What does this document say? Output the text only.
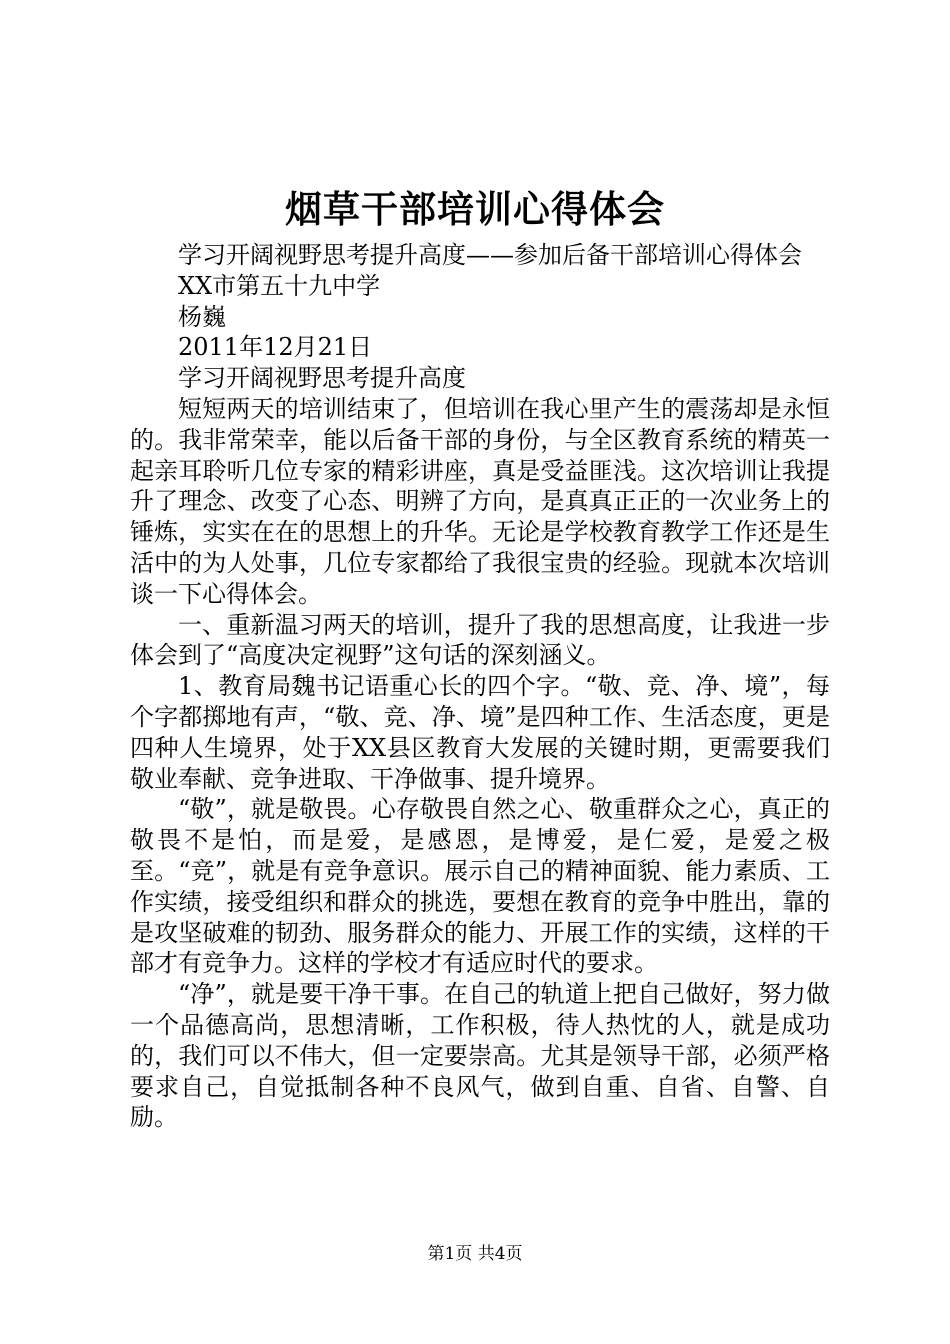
烟草干部培训心得体会

学习开阔视野思考提升高度——参加后备干部培训心得体会

XX市第五十九中学

杨巍

2011年12月21日

学习开阔视野思考提升高度

短短两天的培训结束了，但培训在我心里产生的震荡却是永恒的。我非常荣幸，能以后备干部的身份，与全区教育系统的精英一起亲耳聆听几位专家的精彩讲座，真是受益匪浅。这次培训让我提升了理念、改变了心态、明辨了方向，是真真正正的一次业务上的锤炼，实实在在的思想上的升华。无论是学校教育教学工作还是生活中的为人处事，几位专家都给了我很宝贵的经验。现就本次培训谈一下心得体会。

一、重新温习两天的培训，提升了我的思想高度，让我进一步体会到了“高度决定视野”这句话的深刻涵义。

1、教育局魏书记语重心长的四个字。“敬、竞、净、境”，每个字都掷地有声，“敬、竞、净、境”是四种工作、生活态度，更是四种人生境界，处于XX县区教育大发展的关键时期，更需要我们敬业奉献、竞争进取、干净做事、提升境界。

“敬”，就是敬畏。心存敬畏自然之心、敬重群众之心，真正的敬畏不是怕，而是爱，是感恩，是博爱，是仁爱，是爱之极至。“竞”，就是有竞争意识。展示自己的精神面貌、能力素质、工作实绩，接受组织和群众的挑选，要想在教育的竞争中胜出，靠的是攻坚破难的韧劲、服务群众的能力、开展工作的实绩，这样的干部才有竞争力。这样的学校才有适应时代的要求。

“净”，就是要干净干事。在自己的轨道上把自己做好，努力做一个品德高尚，思想清晰，工作积极，待人热忱的人，就是成功的，我们可以不伟大，但一定要崇高。尤其是领导干部，必须严格要求自己，自觉抵制各种不良风气，做到自重、自省、自警、自励。

第1页 共4页
